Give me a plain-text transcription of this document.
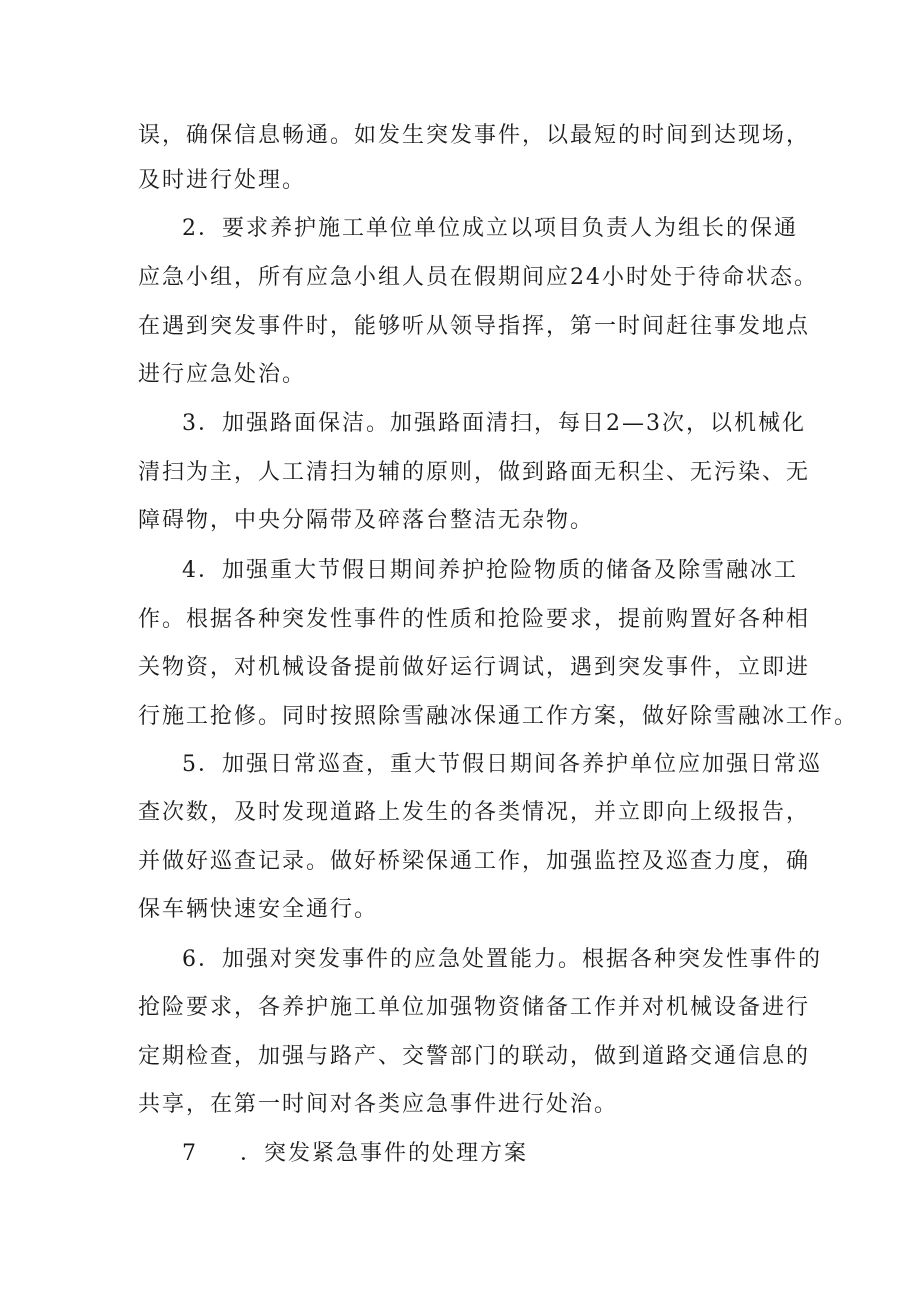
误，确保信息畅通。如发生突发事件，以最短的时间到达现场，
及时进行处理。
2．要求养护施工单位单位成立以项目负责人为组长的保通
应急小组，所有应急小组人员在假期间应24小时处于待命状态。
在遇到突发事件时，能够听从领导指挥，第一时间赶往事发地点
进行应急处治。
3．加强路面保洁。加强路面清扫，每日2—3次，以机械化
清扫为主，人工清扫为辅的原则，做到路面无积尘、无污染、无
障碍物，中央分隔带及碎落台整洁无杂物。
4．加强重大节假日期间养护抢险物质的储备及除雪融冰工
作。根据各种突发性事件的性质和抢险要求，提前购置好各种相
关物资，对机械设备提前做好运行调试，遇到突发事件，立即进
行施工抢修。同时按照除雪融冰保通工作方案，做好除雪融冰工作。
5．加强日常巡查，重大节假日期间各养护单位应加强日常巡
查次数，及时发现道路上发生的各类情况，并立即向上级报告，
并做好巡查记录。做好桥梁保通工作，加强监控及巡查力度，确
保车辆快速安全通行。
6．加强对突发事件的应急处置能力。根据各种突发性事件的
抢险要求，各养护施工单位加强物资储备工作并对机械设备进行
定期检查，加强与路产、交警部门的联动，做到道路交通信息的
共享，在第一时间对各类应急事件进行处治。
7 ．突发紧急事件的处理方案
